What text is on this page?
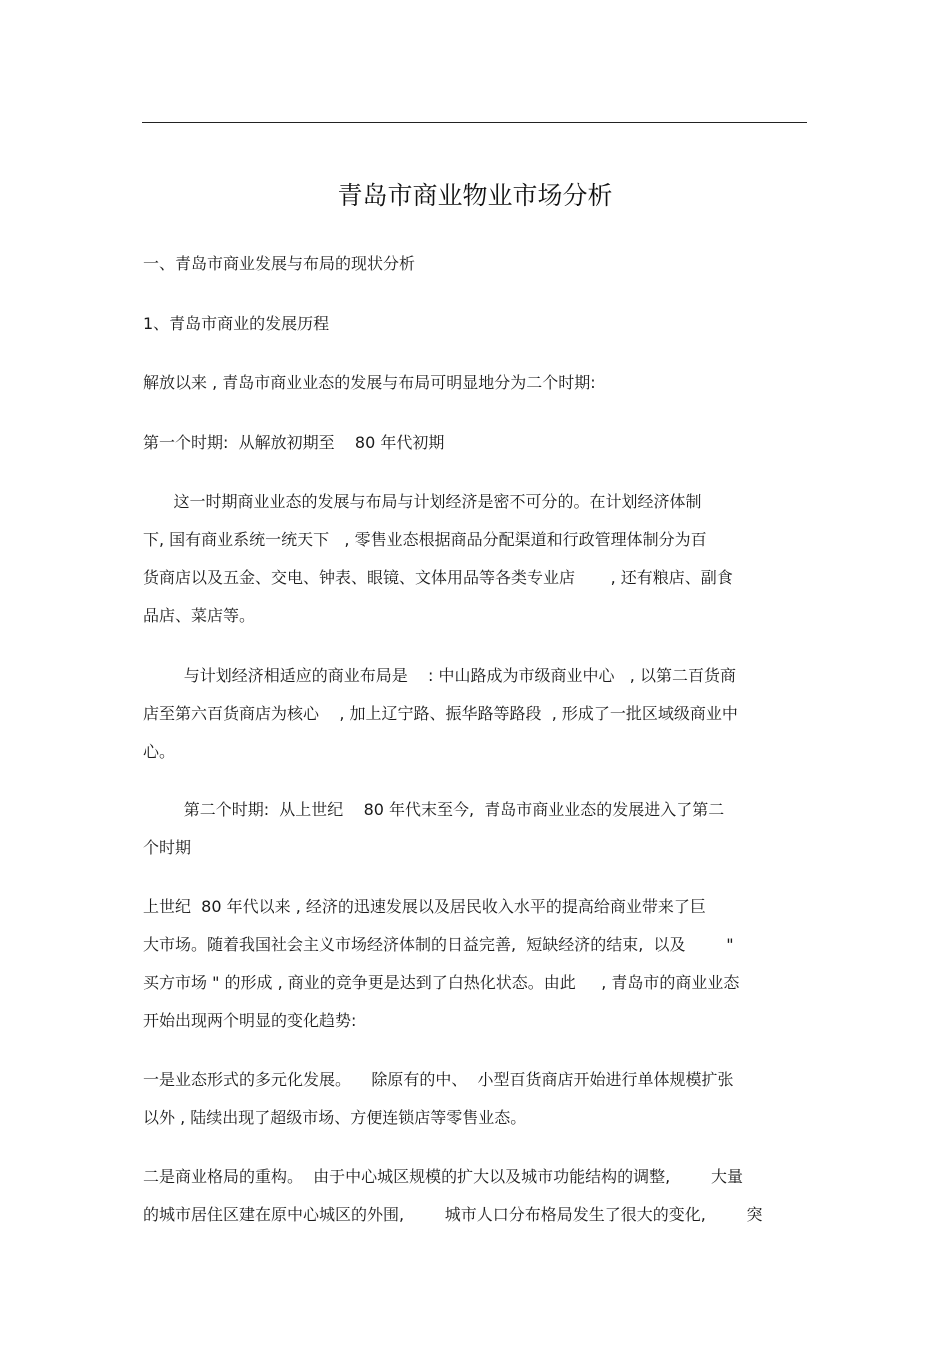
青岛市商业物业市场分析
一、青岛市商业发展与布局的现状分析
1、青岛市商业的发展历程
解放以来 , 青岛市商业业态的发展与布局可明显地分为二个时期:
第一个时期:  从解放初期至    80 年代初期
这一时期商业业态的发展与布局与计划经济是密不可分的。在计划经济体制
下, 国有商业系统一统天下   , 零售业态根据商品分配渠道和行政管理体制分为百
货商店以及五金、交电、钟表、眼镜、文体用品等各类专业店       , 还有粮店、副食
品店、菜店等。
与计划经济相适应的商业布局是    : 中山路成为市级商业中心   , 以第二百货商
店至第六百货商店为核心    , 加上辽宁路、振华路等路段  , 形成了一批区域级商业中
心。
第二个时期:  从上世纪    80 年代末至今,  青岛市商业业态的发展进入了第二
个时期
上世纪  80 年代以来 , 经济的迅速发展以及居民收入水平的提高给商业带来了巨
大市场。随着我国社会主义市场经济体制的日益完善,  短缺经济的结束,  以及        "
买方市场 " 的形成 , 商业的竞争更是达到了白热化状态。由此     , 青岛市的商业业态
开始出现两个明显的变化趋势:
一是业态形式的多元化发展。    除原有的中、  小型百货商店开始进行单体规模扩张
以外 , 陆续出现了超级市场、方便连锁店等零售业态。
二是商业格局的重构。  由于中心城区规模的扩大以及城市功能结构的调整,        大量
的城市居住区建在原中心城区的外围,        城市人口分布格局发生了很大的变化,        突
